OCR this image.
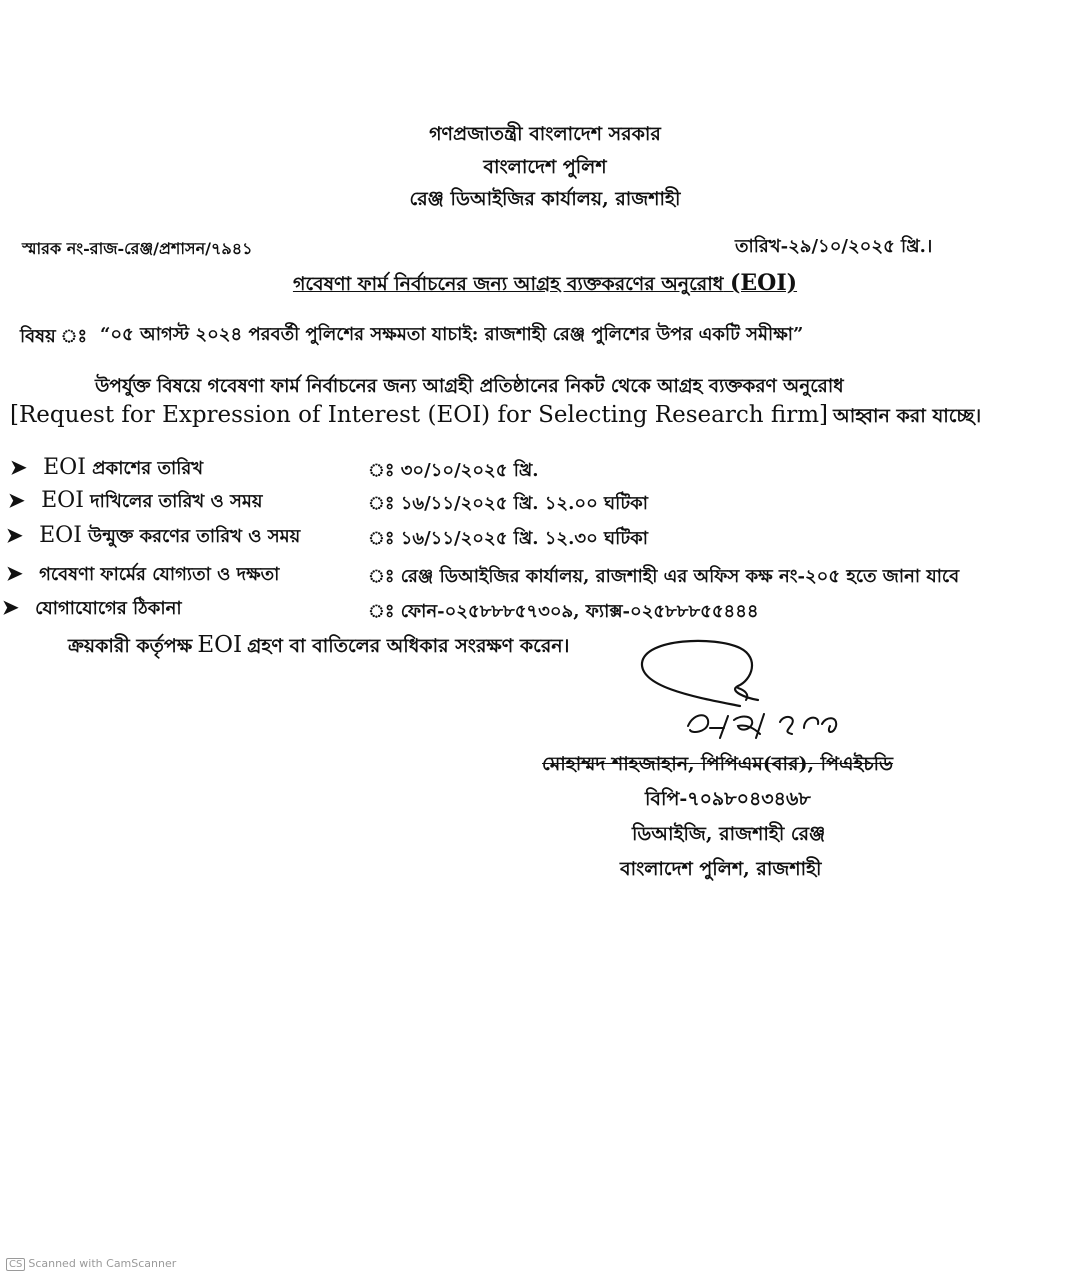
গণপ্রজাতন্ত্রী বাংলাদেশ সরকার
বাংলাদেশ পুলিশ
রেঞ্জ ডিআইজির কার্যালয়, রাজশাহী
স্মারক নং-রাজ-রেঞ্জ/প্রশাসন/৭৯৪১	তারিখ-২৯/১০/২০২৫ খ্রি.।
গবেষণা ফার্ম নির্বাচনের জন্য আগ্রহ ব্যক্তকরণের অনুরোধ (EOI)
বিষয় ঃ “০৫ আগস্ট ২০২৪ পরবর্তী পুলিশের সক্ষমতা যাচাই: রাজশাহী রেঞ্জ পুলিশের উপর একটি সমীক্ষা”
উপর্যুক্ত বিষয়ে গবেষণা ফার্ম নির্বাচনের জন্য আগ্রহী প্রতিষ্ঠানের নিকট থেকে আগ্রহ ব্যক্তকরণ অনুরোধ
[Request for Expression of Interest (EOI) for Selecting Research firm] আহ্বান করা যাচ্ছে।
➤ EOI প্রকাশের তারিখ	ঃ ৩০/১০/২০২৫ খ্রি.
➤ EOI দাখিলের তারিখ ও সময়	ঃ ১৬/১১/২০২৫ খ্রি. ১২.০০ ঘটিকা
➤ EOI উন্মুক্ত করণের তারিখ ও সময়	ঃ ১৬/১১/২০২৫ খ্রি. ১২.৩০ ঘটিকা
➤ গবেষণা ফার্মের যোগ্যতা ও দক্ষতা	ঃ রেঞ্জ ডিআইজির কার্যালয়, রাজশাহী এর অফিস কক্ষ নং-২০৫ হতে জানা যাবে
➤ যোগাযোগের ঠিকানা	ঃ ফোন-০২৫৮৮৮৫৭৩০৯, ফ্যাক্স-০২৫৮৮৮৫৫৪৪৪
ক্রয়কারী কর্তৃপক্ষ EOI গ্রহণ বা বাতিলের অধিকার সংরক্ষণ করেন।
মোহাম্মদ শাহজাহান, পিপিএম(বার), পিএইচডি
বিপি-৭০৯৮০৪৩৪৬৮
ডিআইজি, রাজশাহী রেঞ্জ
বাংলাদেশ পুলিশ, রাজশাহী
CS Scanned with CamScanner
